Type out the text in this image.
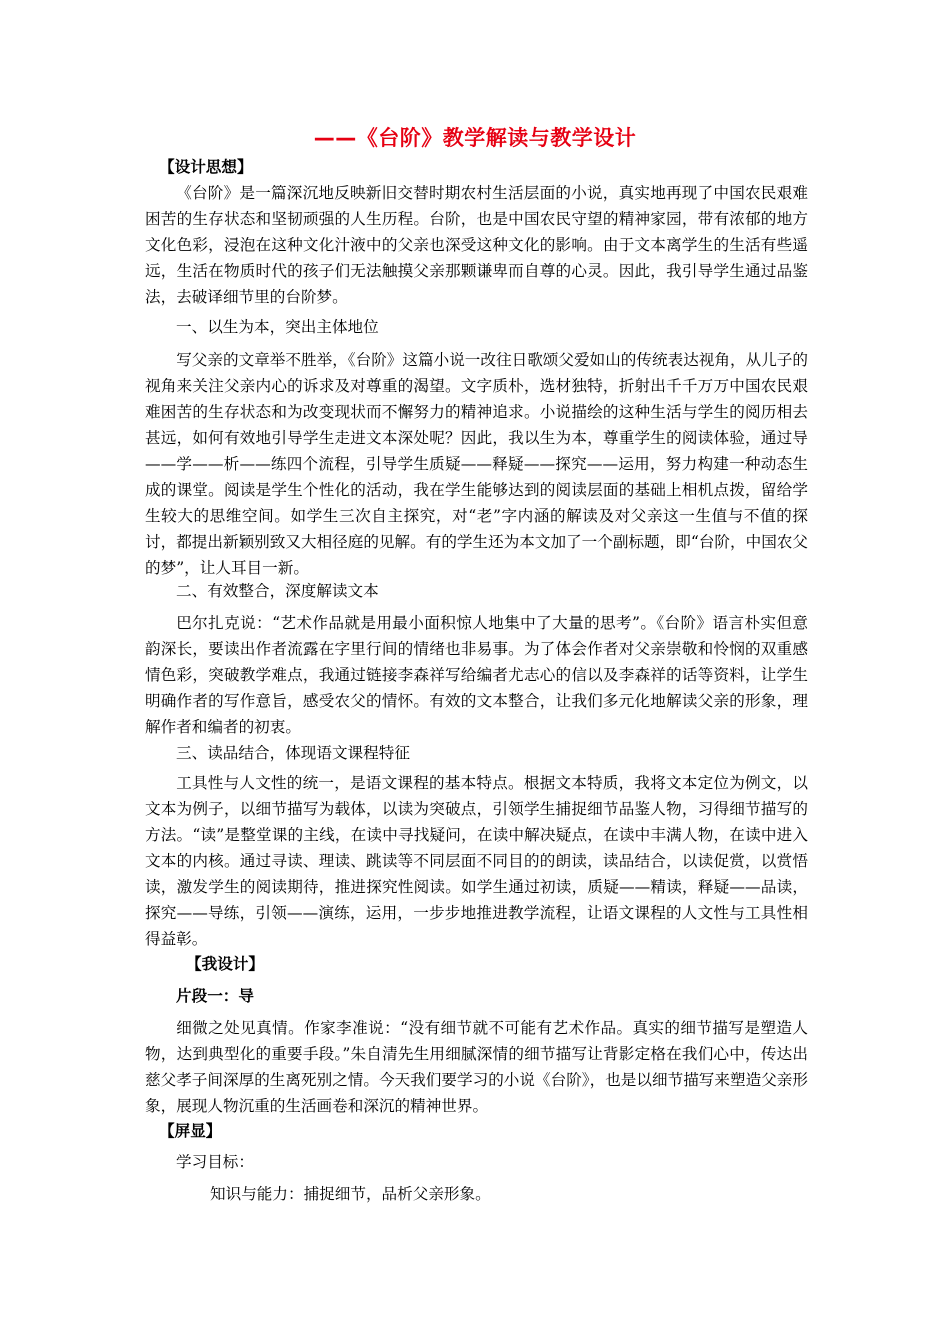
——《台阶》教学解读与教学设计
【设计思想】
《台阶》是一篇深沉地反映新旧交替时期农村生活层面的小说，真实地再现了中国农民艰难困苦的生存状态和坚韧顽强的人生历程。台阶，也是中国农民守望的精神家园，带有浓郁的地方文化色彩，浸泡在这种文化汁液中的父亲也深受这种文化的影响。由于文本离学生的生活有些遥远，生活在物质时代的孩子们无法触摸父亲那颗谦卑而自尊的心灵。因此，我引导学生通过品鉴法，去破译细节里的台阶梦。
一、以生为本，突出主体地位
写父亲的文章举不胜举，《台阶》这篇小说一改往日歌颂父爱如山的传统表达视角，从儿子的视角来关注父亲内心的诉求及对尊重的渴望。文字质朴，选材独特，折射出千千万万中国农民艰难困苦的生存状态和为改变现状而不懈努力的精神追求。小说描绘的这种生活与学生的阅历相去甚远，如何有效地引导学生走进文本深处呢？因此，我以生为本，尊重学生的阅读体验，通过导——学——析——练四个流程，引导学生质疑——释疑——探究——运用，努力构建一种动态生成的课堂。阅读是学生个性化的活动，我在学生能够达到的阅读层面的基础上相机点拨，留给学生较大的思维空间。如学生三次自主探究，对“老”字内涵的解读及对父亲这一生值与不值的探讨，都提出新颖别致又大相径庭的见解。有的学生还为本文加了一个副标题，即“台阶，中国农父的梦”，让人耳目一新。
二、有效整合，深度解读文本
巴尔扎克说：“艺术作品就是用最小面积惊人地集中了大量的思考”。《台阶》语言朴实但意韵深长，要读出作者流露在字里行间的情绪也非易事。为了体会作者对父亲崇敬和怜悯的双重感情色彩，突破教学难点，我通过链接李森祥写给编者尤志心的信以及李森祥的话等资料，让学生明确作者的写作意旨，感受农父的情怀。有效的文本整合，让我们多元化地解读父亲的形象，理解作者和编者的初衷。
三、读品结合，体现语文课程特征
工具性与人文性的统一，是语文课程的基本特点。根据文本特质，我将文本定位为例文，以文本为例子，以细节描写为载体，以读为突破点，引领学生捕捉细节品鉴人物，习得细节描写的方法。“读”是整堂课的主线，在读中寻找疑问，在读中解决疑点，在读中丰满人物，在读中进入文本的内核。通过寻读、理读、跳读等不同层面不同目的的朗读，读品结合，以读促赏，以赏悟读，激发学生的阅读期待，推进探究性阅读。如学生通过初读，质疑——精读，释疑——品读，探究——导练，引领——演练，运用，一步步地推进教学流程，让语文课程的人文性与工具性相得益彰。
【我设计】
片段一：导
细微之处见真情。作家李准说：“没有细节就不可能有艺术作品。真实的细节描写是塑造人物，达到典型化的重要手段。”朱自清先生用细腻深情的细节描写让背影定格在我们心中，传达出慈父孝子间深厚的生离死别之情。今天我们要学习的小说《台阶》，也是以细节描写来塑造父亲形象，展现人物沉重的生活画卷和深沉的精神世界。
【屏显】
学习目标：
知识与能力：捕捉细节，品析父亲形象。
